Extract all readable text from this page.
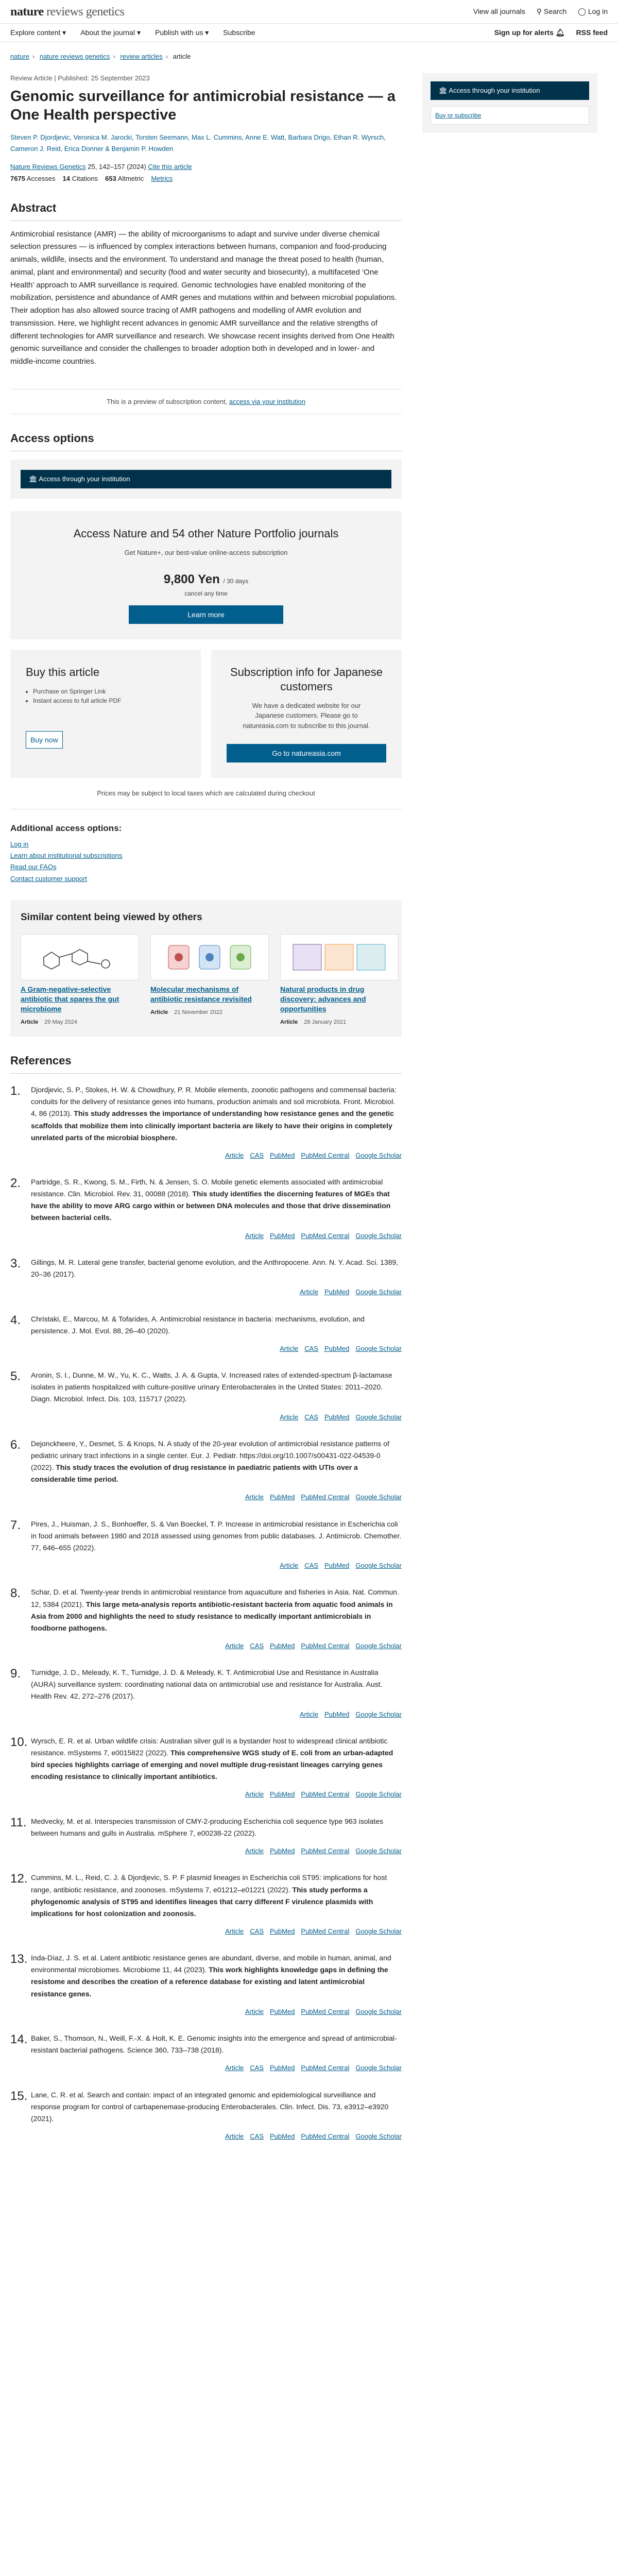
nature reviews genetics	View all journals ⚲ Search ◯ Log in
Explore content ▾ About the journal ▾ Publish with us ▾ Subscribe	Sign up for alerts 🔔︎ RSS feed
nature › nature reviews genetics › review articles › article
Review Article | Published: 25 September 2023
Genomic surveillance for antimicrobial resistance — a One Health perspective
Steven P. Djordjevic, Veronica M. Jarocki, Torsten Seemann, Max L. Cummins, Anne E. Watt, Barbara Drigo, Ethan R. Wyrsch, Cameron J. Reid, Erica Donner & Benjamin P. Howden
Nature Reviews Genetics 25, 142–157 (2024) Cite this article
7675 Accesses 14 Citations 653 Altmetric Metrics
Abstract

Antimicrobial resistance (AMR) — the ability of microorganisms to adapt and survive under diverse chemical selection pressures — is influenced by complex interactions between humans, companion and food-producing animals, wildlife, insects and the environment. To understand and manage the threat posed to health (human, animal, plant and environmental) and security (food and water security and biosecurity), a multifaceted ‘One Health’ approach to AMR surveillance is required. Genomic technologies have enabled monitoring of the mobilization, persistence and abundance of AMR genes and mutations within and between microbial populations. Their adoption has also allowed source tracing of AMR pathogens and modelling of AMR evolution and transmission. Here, we highlight recent advances in genomic AMR surveillance and the relative strengths of different technologies for AMR surveillance and research. We showcase recent insights derived from One Health genomic surveillance and consider the challenges to broader adoption both in developed and in lower- and middle-income countries.

This is a preview of subscription content, access via your institution
Access options
🏛︎ Access through your institution
Access Nature and 54 other Nature Portfolio journals
Get Nature+, our best-value online-access subscription
9,800 Yen / 30 days
cancel any time
Learn more
Buy this article
• Purchase on Springer Link
• Instant access to full article PDF
Buy now
Subscription info for Japanese customers
We have a dedicated website for our Japanese customers. Please go to natureasia.com to subscribe to this journal.
Go to natureasia.com
Prices may be subject to local taxes which are calculated during checkout
Additional access options:
Log in
Learn about institutional subscriptions
Read our FAQs
Contact customer support
Similar content being viewed by others
A Gram-negative-selective antibiotic that spares the gut microbiome
Article 29 May 2024
Molecular mechanisms of antibiotic resistance revisited
Article 21 November 2022
Natural products in drug discovery: advances and opportunities
Article 28 January 2021
References
1.	Djordjevic, S. P., Stokes, H. W. & Chowdhury, P. R. Mobile elements, zoonotic pathogens and commensal bacteria: conduits for the delivery of resistance genes into humans, production animals and soil microbiota. Front. Microbiol. 4, 86 (2013). This study addresses the importance of understanding how resistance genes and the genetic scaffolds that mobilize them into clinically important bacteria are likely to have their origins in completely unrelated parts of the microbial biosphere.
Article CAS PubMed PubMed Central Google Scholar
2.	Partridge, S. R., Kwong, S. M., Firth, N. & Jensen, S. O. Mobile genetic elements associated with antimicrobial resistance. Clin. Microbiol. Rev. 31, 00088 (2018). This study identifies the discerning features of MGEs that have the ability to move ARG cargo within or between DNA molecules and those that drive dissemination between bacterial cells.
Article PubMed PubMed Central Google Scholar
3.	Gillings, M. R. Lateral gene transfer, bacterial genome evolution, and the Anthropocene. Ann. N. Y. Acad. Sci. 1389, 20–36 (2017).
Article PubMed Google Scholar
4.	Christaki, E., Marcou, M. & Tofarides, A. Antimicrobial resistance in bacteria: mechanisms, evolution, and persistence. J. Mol. Evol. 88, 26–40 (2020).
Article CAS PubMed Google Scholar
5.	Aronin, S. I., Dunne, M. W., Yu, K. C., Watts, J. A. & Gupta, V. Increased rates of extended-spectrum β-lactamase isolates in patients hospitalized with culture-positive urinary Enterobacterales in the United States: 2011–2020. Diagn. Microbiol. Infect. Dis. 103, 115717 (2022).
Article CAS PubMed Google Scholar
6.	Dejonckheere, Y., Desmet, S. & Knops, N. A study of the 20-year evolution of antimicrobial resistance patterns of pediatric urinary tract infections in a single center. Eur. J. Pediatr. https://doi.org/10.1007/s00431-022-04539-0 (2022). This study traces the evolution of drug resistance in paediatric patients with UTIs over a considerable time period.
Article PubMed PubMed Central Google Scholar
7.	Pires, J., Huisman, J. S., Bonhoeffer, S. & Van Boeckel, T. P. Increase in antimicrobial resistance in Escherichia coli in food animals between 1980 and 2018 assessed using genomes from public databases. J. Antimicrob. Chemother. 77, 646–655 (2022).
Article CAS PubMed Google Scholar
8.	Schar, D. et al. Twenty-year trends in antimicrobial resistance from aquaculture and fisheries in Asia. Nat. Commun. 12, 5384 (2021). This large meta-analysis reports antibiotic-resistant bacteria from aquatic food animals in Asia from 2000 and highlights the need to study resistance to medically important antimicrobials in foodborne pathogens.
Article CAS PubMed PubMed Central Google Scholar
9.	Turnidge, J. D., Meleady, K. T., Turnidge, J. D. & Meleady, K. T. Antimicrobial Use and Resistance in Australia (AURA) surveillance system: coordinating national data on antimicrobial use and resistance for Australia. Aust. Health Rev. 42, 272–276 (2017).
Article PubMed Google Scholar
10. Wyrsch, E. R. et al. Urban wildlife crisis: Australian silver gull is a bystander host to widespread clinical antibiotic resistance. mSystems 7, e0015822 (2022). This comprehensive WGS study of E. coli from an urban-adapted bird species highlights carriage of emerging and novel multiple drug-resistant lineages carrying genes encoding resistance to clinically important antibiotics.
Article PubMed PubMed Central Google Scholar
11. Medvecky, M. et al. Interspecies transmission of CMY-2-producing Escherichia coli sequence type 963 isolates between humans and gulls in Australia. mSphere 7, e00238-22 (2022).
Article PubMed PubMed Central Google Scholar
12. Cummins, M. L., Reid, C. J. & Djordjevic, S. P. F plasmid lineages in Escherichia coli ST95: implications for host range, antibiotic resistance, and zoonoses. mSystems 7, e01212–e01221 (2022). This study performs a phylogenomic analysis of ST95 and identifies lineages that carry different F virulence plasmids with implications for host colonization and zoonosis.
Article CAS PubMed PubMed Central Google Scholar
13. Inda-Díaz, J. S. et al. Latent antibiotic resistance genes are abundant, diverse, and mobile in human, animal, and environmental microbiomes. Microbiome 11, 44 (2023). This work highlights knowledge gaps in defining the resistome and describes the creation of a reference database for existing and latent antimicrobial resistance genes.
Article PubMed PubMed Central Google Scholar
14. Baker, S., Thomson, N., Weill, F.-X. & Holt, K. E. Genomic insights into the emergence and spread of antimicrobial-resistant bacterial pathogens. Science 360, 733–738 (2018).
Article CAS PubMed PubMed Central Google Scholar
15. Lane, C. R. et al. Search and contain: impact of an integrated genomic and epidemiological surveillance and response program for control of carbapenemase-producing Enterobacterales. Clin. Infect. Dis. 73, e3912–e3920 (2021).
Article CAS PubMed PubMed Central Google Scholar
🏛︎ Access through your institution
Buy or subscribe
